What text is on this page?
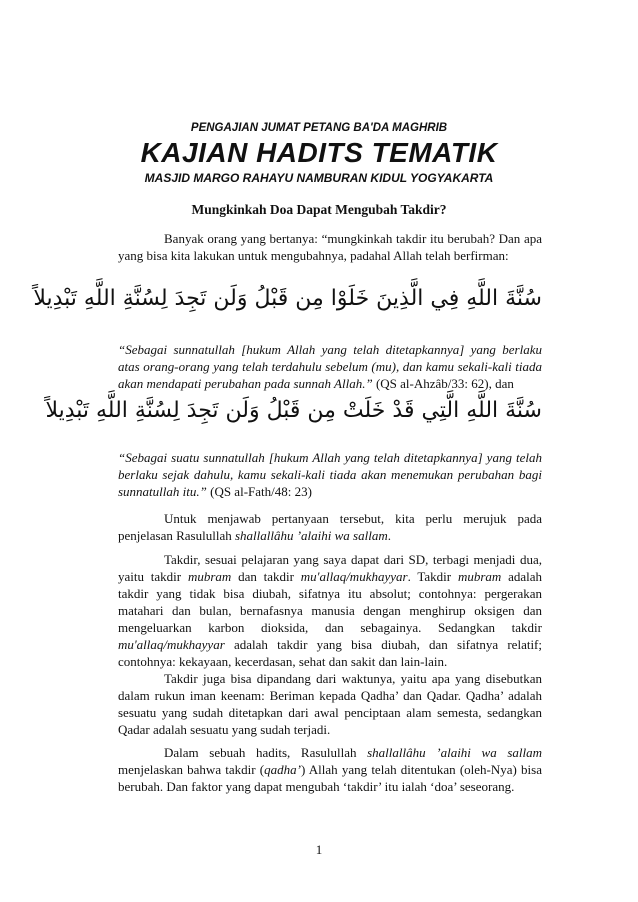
PENGAJIAN JUMAT PETANG BA'DA MAGHRIB
KAJIAN HADITS TEMATIK
MASJID MARGO RAHAYU NAMBURAN KIDUL YOGYAKARTA
Mungkinkah Doa Dapat Mengubah Takdir?

Banyak orang yang bertanya: “mungkinkah takdir itu berubah? Dan apa yang bisa kita lakukan untuk mengubahnya, padahal Allah telah berfirman:

سُنَّةَ اللَّهِ فِي الَّذِينَ خَلَوْا مِن قَبْلُ وَلَن تَجِدَ لِسُنَّةِ اللَّهِ تَبْدِيلاً

“Sebagai sunnatullah [hukum Allah yang telah ditetapkannya] yang berlaku atas orang-orang yang telah terdahulu sebelum (mu), dan kamu sekali-kali tiada akan mendapati perubahan pada sunnah Allah.” (QS al-Ahzâb/33: 62), dan

سُنَّةَ اللَّهِ الَّتِي قَدْ خَلَتْ مِن قَبْلُ وَلَن تَجِدَ لِسُنَّةِ اللَّهِ تَبْدِيلاً

“Sebagai suatu sunnatullah [hukum Allah yang telah ditetapkannya] yang telah berlaku sejak dahulu, kamu sekali-kali tiada akan menemukan perubahan bagi sunnatullah itu.” (QS al-Fath/48: 23)

Untuk menjawab pertanyaan tersebut, kita perlu merujuk pada penjelasan Rasulullah shallallâhu ’alaihi wa sallam.

Takdir, sesuai pelajaran yang saya dapat dari SD, terbagi menjadi dua, yaitu takdir mubram dan takdir mu'allaq/mukhayyar. Takdir mubram adalah takdir yang tidak bisa diubah, sifatnya itu absolut; contohnya: pergerakan matahari dan bulan, bernafasnya manusia dengan menghirup oksigen dan mengeluarkan karbon dioksida, dan sebagainya. Sedangkan takdir mu'allaq/mukhayyar adalah takdir yang bisa diubah, dan sifatnya relatif; contohnya: kekayaan, kecerdasan, sehat dan sakit dan lain-lain.

Takdir juga bisa dipandang dari waktunya, yaitu apa yang disebutkan dalam rukun iman keenam: Beriman kepada Qadha’ dan Qadar. Qadha’ adalah sesuatu yang sudah ditetapkan dari awal penciptaan alam semesta, sedangkan Qadar adalah sesuatu yang sudah terjadi.

Dalam sebuah hadits, Rasulullah shallallâhu ’alaihi wa sallam menjelaskan bahwa takdir (qadha’) Allah yang telah ditentukan (oleh-Nya) bisa berubah. Dan faktor yang dapat mengubah ‘takdir’ itu ialah ‘doa’ seseorang.

1
